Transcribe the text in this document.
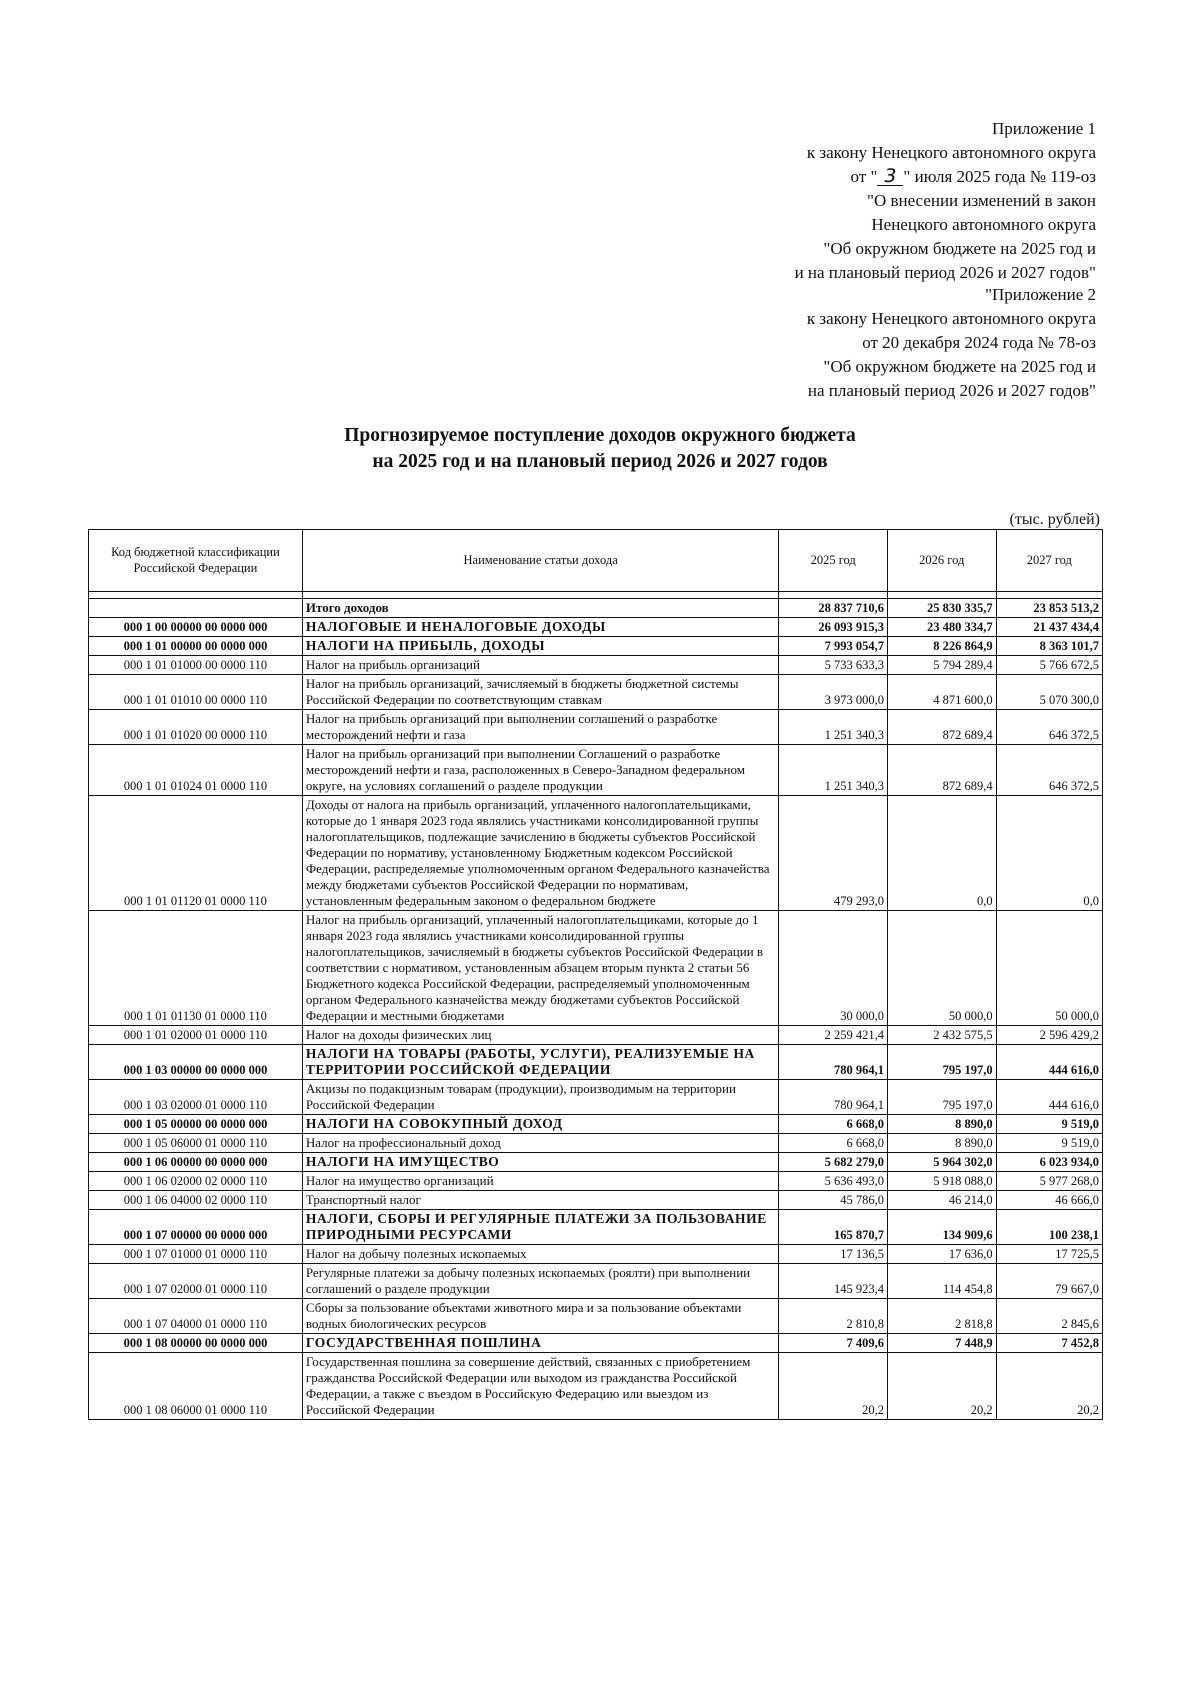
Приложение 1
к закону Ненецкого автономного округа
от " 3 " июля 2025 года № 119-оз
"О внесении изменений в закон
Ненецкого автономного округа
"Об окружном бюджете на 2025 год и
и на плановый период 2026 и 2027 годов"
"Приложение 2
к закону Ненецкого автономного округа
от 20 декабря 2024 года № 78-оз
"Об окружном бюджете на 2025 год и
на плановый период 2026 и 2027 годов"
Прогнозируемое поступление доходов окружного бюджета
на 2025 год и на плановый период 2026 и 2027 годов
(тыс. рублей)
Код бюджетной классификации Российской Федерации	Наименование статьи дохода	2025 год	2026 год	2027 год

	Итого доходов	28 837 710,6	25 830 335,7	23 853 513,2
000 1 00 00000 00 0000 000	НАЛОГОВЫЕ И НЕНАЛОГОВЫЕ ДОХОДЫ	26 093 915,3	23 480 334,7	21 437 434,4
000 1 01 00000 00 0000 000	НАЛОГИ НА ПРИБЫЛЬ, ДОХОДЫ	7 993 054,7	8 226 864,9	8 363 101,7
000 1 01 01000 00 0000 110	Налог на прибыль организаций	5 733 633,3	5 794 289,4	5 766 672,5
000 1 01 01010 00 0000 110	Налог на прибыль организаций, зачисляемый в бюджеты бюджетной системы Российской Федерации по соответствующим ставкам	3 973 000,0	4 871 600,0	5 070 300,0
000 1 01 01020 00 0000 110	Налог на прибыль организаций при выполнении соглашений о разработке месторождений нефти и газа	1 251 340,3	872 689,4	646 372,5
000 1 01 01024 01 0000 110	Налог на прибыль организаций при выполнении Соглашений о разработке месторождений нефти и газа, расположенных в Северо-Западном федеральном округе, на условиях соглашений о разделе продукции	1 251 340,3	872 689,4	646 372,5
000 1 01 01120 01 0000 110	Доходы от налога на прибыль организаций, уплаченного налогоплательщиками, которые до 1 января 2023 года являлись участниками консолидированной группы налогоплательщиков, подлежащие зачислению в бюджеты субъектов Российской Федерации по нормативу, установленному Бюджетным кодексом Российской Федерации, распределяемые уполномоченным органом Федерального казначейства между бюджетами субъектов Российской Федерации по нормативам, установленным федеральным законом о федеральном бюджете	479 293,0	0,0	0,0
000 1 01 01130 01 0000 110	Налог на прибыль организаций, уплаченный налогоплательщиками, которые до 1 января 2023 года являлись участниками консолидированной группы налогоплательщиков, зачисляемый в бюджеты субъектов Российской Федерации в соответствии с нормативом, установленным абзацем вторым пункта 2 статьи 56 Бюджетного кодекса Российской Федерации, распределяемый уполномоченным органом Федерального казначейства между бюджетами субъектов Российской Федерации и местными бюджетами	30 000,0	50 000,0	50 000,0
000 1 01 02000 01 0000 110	Налог на доходы физических лиц	2 259 421,4	2 432 575,5	2 596 429,2
000 1 03 00000 00 0000 000	НАЛОГИ НА ТОВАРЫ (РАБОТЫ, УСЛУГИ), РЕАЛИЗУЕМЫЕ НА ТЕРРИТОРИИ РОССИЙСКОЙ ФЕДЕРАЦИИ	780 964,1	795 197,0	444 616,0
000 1 03 02000 01 0000 110	Акцизы по подакцизным товарам (продукции), производимым на территории Российской Федерации	780 964,1	795 197,0	444 616,0
000 1 05 00000 00 0000 000	НАЛОГИ НА СОВОКУПНЫЙ ДОХОД	6 668,0	8 890,0	9 519,0
000 1 05 06000 01 0000 110	Налог на профессиональный доход	6 668,0	8 890,0	9 519,0
000 1 06 00000 00 0000 000	НАЛОГИ НА ИМУЩЕСТВО	5 682 279,0	5 964 302,0	6 023 934,0
000 1 06 02000 02 0000 110	Налог на имущество организаций	5 636 493,0	5 918 088,0	5 977 268,0
000 1 06 04000 02 0000 110	Транспортный налог	45 786,0	46 214,0	46 666,0
000 1 07 00000 00 0000 000	НАЛОГИ, СБОРЫ И РЕГУЛЯРНЫЕ ПЛАТЕЖИ ЗА ПОЛЬЗОВАНИЕ ПРИРОДНЫМИ РЕСУРСАМИ	165 870,7	134 909,6	100 238,1
000 1 07 01000 01 0000 110	Налог на добычу полезных ископаемых	17 136,5	17 636,0	17 725,5
000 1 07 02000 01 0000 110	Регулярные платежи за добычу полезных ископаемых (роялти) при выполнении соглашений о разделе продукции	145 923,4	114 454,8	79 667,0
000 1 07 04000 01 0000 110	Сборы за пользование объектами животного мира и за пользование объектами водных биологических ресурсов	2 810,8	2 818,8	2 845,6
000 1 08 00000 00 0000 000	ГОСУДАРСТВЕННАЯ ПОШЛИНА	7 409,6	7 448,9	7 452,8
000 1 08 06000 01 0000 110	Государственная пошлина за совершение действий, связанных с приобретением гражданства Российской Федерации или выходом из гражданства Российской Федерации, а также с въездом в Российскую Федерацию или выездом из Российской Федерации	20,2	20,2	20,2
